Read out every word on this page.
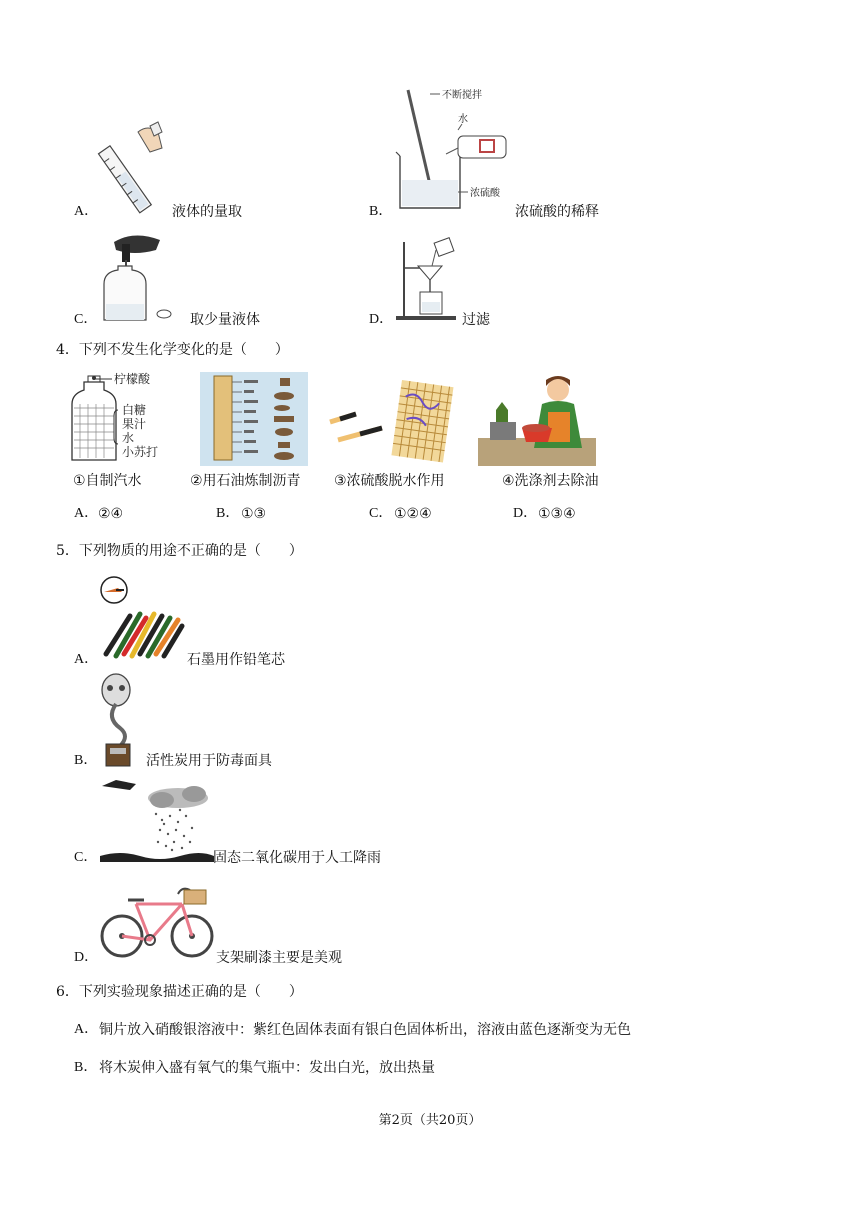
A．	液体的量取
不断搅拌
水
浓硫酸
B．	浓硫酸的稀释
C．	取少量液体	D．	过滤
4．下列不发生化学变化的是（　　）
柠檬酸
白糖
果汁
水
小苏打
①自制汽水	②用石油炼制沥青 ③浓硫酸脱水作用	④洗涤剂去除油
A． ②④	B． ①③	C． ①②④	D． ①③④
5．下列物质的用途不正确的是（　　）
A．	石墨用作铅笔芯
B．	活性炭用于防毒面具
C．	固态二氧化碳用于人工降雨
D．	支架刷漆主要是美观
6．下列实验现象描述正确的是（　　）
A． 铜片放入硝酸银溶液中：紫红色固体表面有银白色固体析出，溶液由蓝色逐渐变为无色
B． 将木炭伸入盛有氧气的集气瓶中：发出白光，放出热量
第2页（共20页）
